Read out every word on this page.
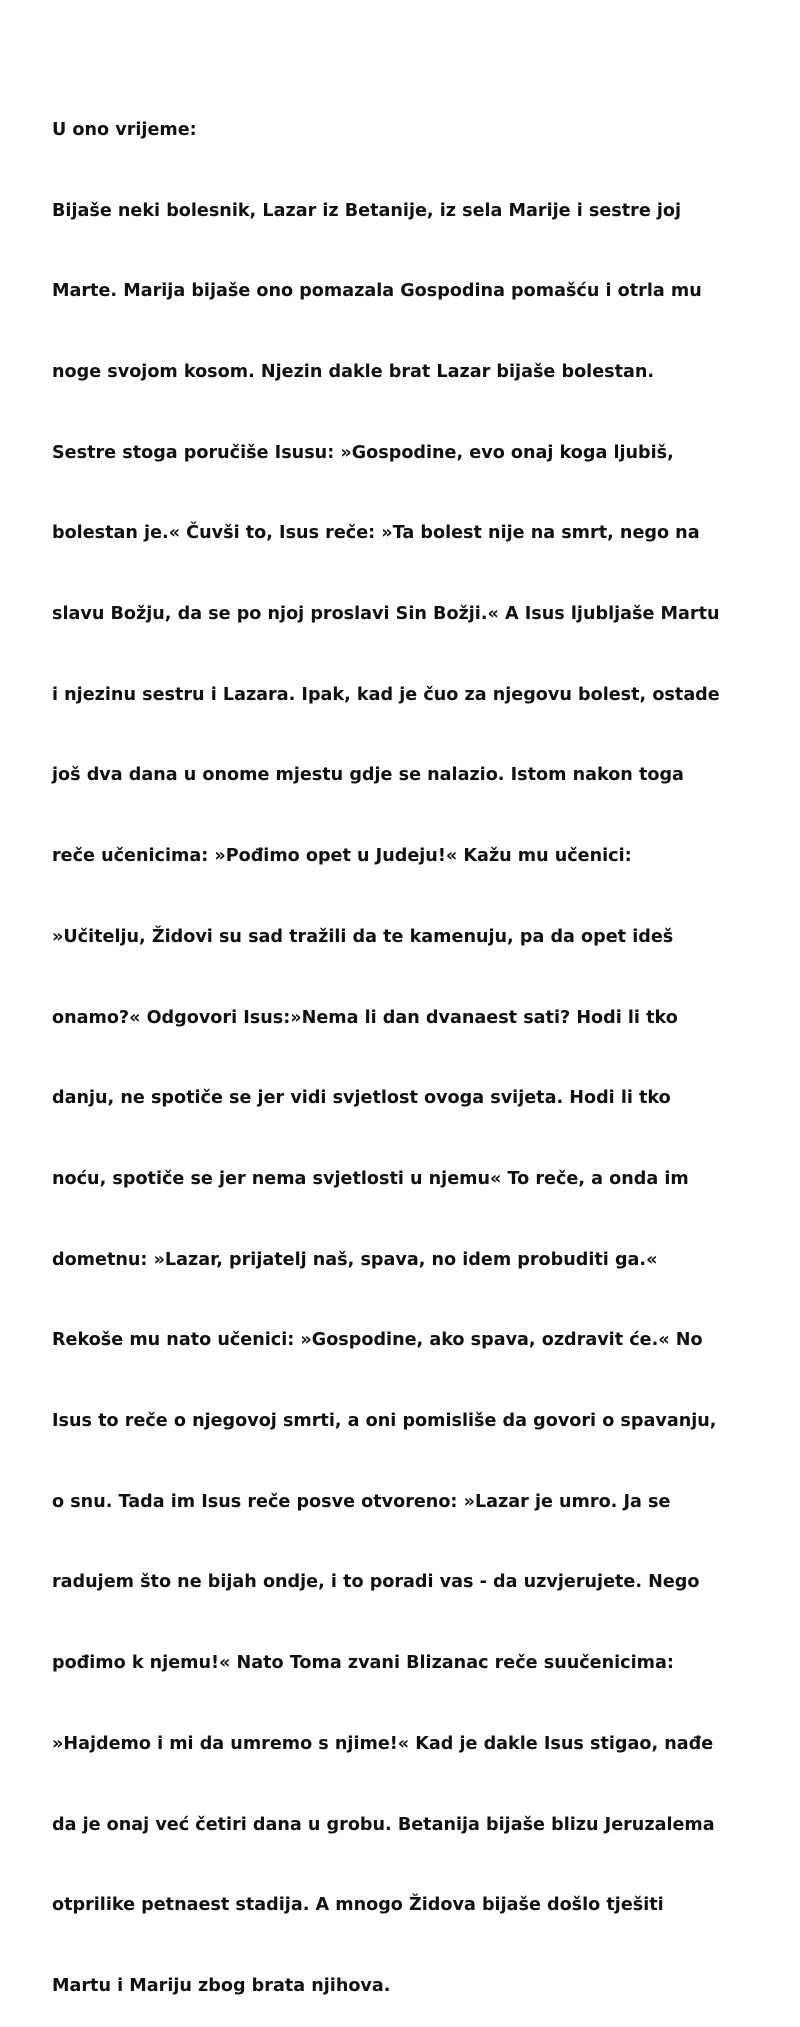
U ono vrijeme:

Bijaše neki bolesnik, Lazar iz Betanije, iz sela Marije i sestre joj

Marte. Marija bijaše ono pomazala Gospodina pomašću i otrla mu

noge svojom kosom. Njezin dakle brat Lazar bijaše bolestan.

Sestre stoga poručiše Isusu: »Gospodine, evo onaj koga ljubiš,

bolestan je.« Čuvši to, Isus reče: »Ta bolest nije na smrt, nego na

slavu Božju, da se po njoj proslavi Sin Božji.« A Isus ljubljaše Martu

i njezinu sestru i Lazara. Ipak, kad je čuo za njegovu bolest, ostade

još dva dana u onome mjestu gdje se nalazio. Istom nakon toga

reče učenicima: »Pođimo opet u Judeju!« Kažu mu učenici:

»Učitelju, Židovi su sad tražili da te kamenuju, pa da opet ideš

onamo?« Odgovori Isus:»Nema li dan dvanaest sati? Hodi li tko

danju, ne spotiče se jer vidi svjetlost ovoga svijeta. Hodi li tko

noću, spotiče se jer nema svjetlosti u njemu« To reče, a onda im

dometnu: »Lazar, prijatelj naš, spava, no idem probuditi ga.«

Rekoše mu nato učenici: »Gospodine, ako spava, ozdravit će.« No

Isus to reče o njegovoj smrti, a oni pomisliše da govori o spavanju,

o snu. Tada im Isus reče posve otvoreno: »Lazar je umro. Ja se

radujem što ne bijah ondje, i to poradi vas - da uzvjerujete. Nego

pođimo k njemu!« Nato Toma zvani Blizanac reče suučenicima:

»Hajdemo i mi da umremo s njime!« Kad je dakle Isus stigao, nađe

da je onaj već četiri dana u grobu. Betanija bijaše blizu Jeruzalema

otprilike petnaest stadija. A mnogo Židova bijaše došlo tješiti

Martu i Mariju zbog brata njihova.
